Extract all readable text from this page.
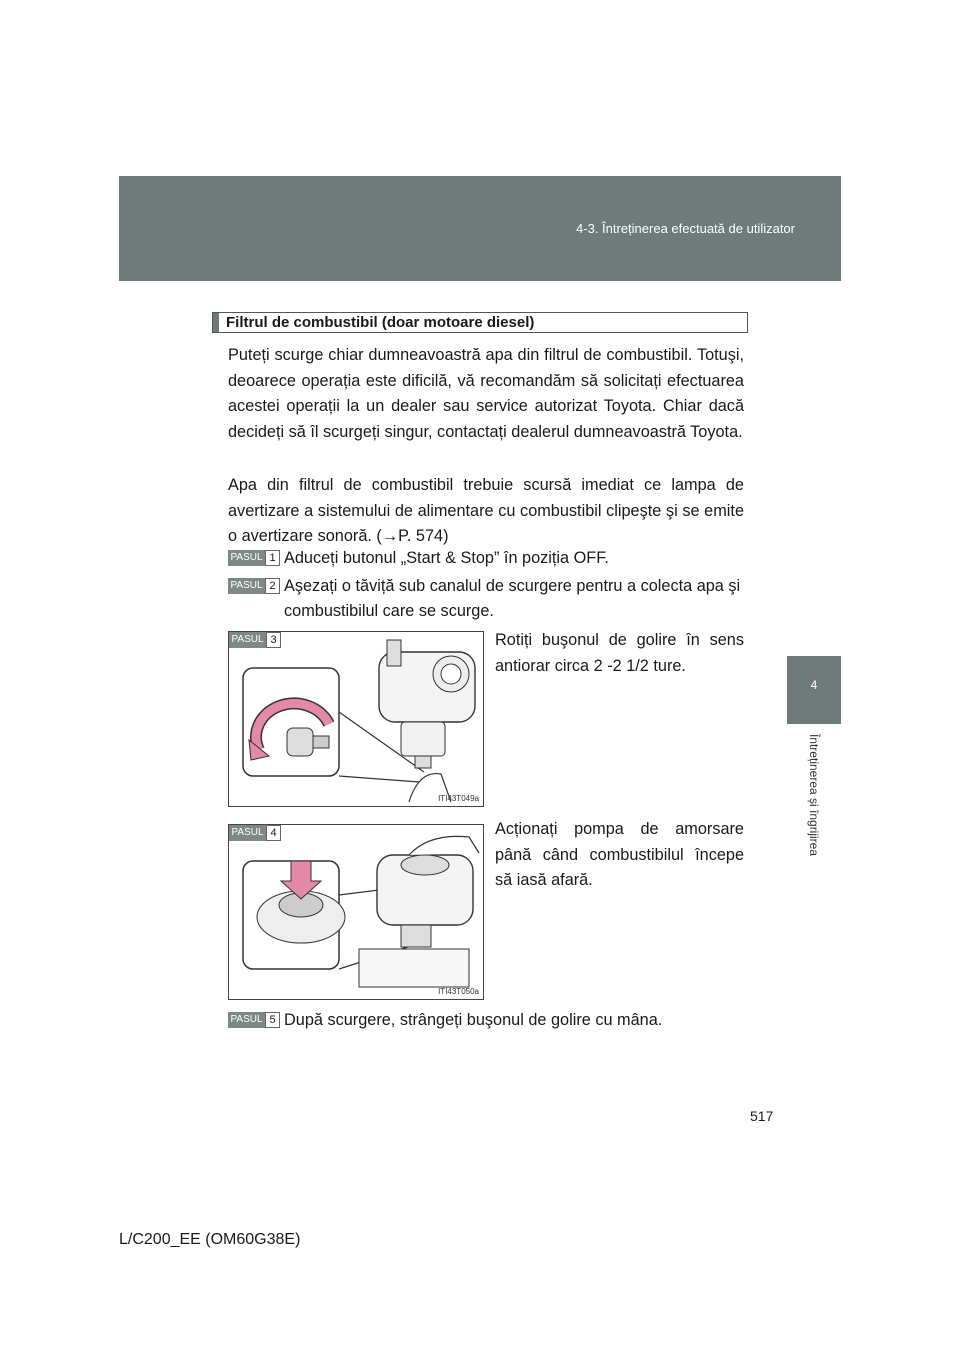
4-3. Întreținerea efectuată de utilizator
4
Întreținerea și îngrijirea
Filtrul de combustibil (doar motoare diesel)

Puteți scurge chiar dumneavoastră apa din filtrul de combustibil. Totuşi, deoarece operația este dificilă, vă recomandăm să solicitați efectuarea acestei operații la un dealer sau service autorizat Toyota. Chiar dacă decideți să îl scurgeți singur, contactați dealerul dumneavoastră Toyota.

Apa din filtrul de combustibil trebuie scursă imediat ce lampa de avertizare a sistemului de alimentare cu combustibil clipeşte şi se emite o avertizare sonoră. (→P. 574)

PASUL 1 Aduceți butonul „Start & Stop” în poziția OFF.
PASUL 2 Aşezați o tăviță sub canalul de scurgere pentru a colecta apa şi combustibilul care se scurge.
PASUL 3
ITI43T049a

Rotiți buşonul de golire în sens antiorar circa 2 -2 1/2 ture.

PASUL 4
ITI43T050a

Acționați pompa de amorsare până când combustibilul începe să iasă afară.

PASUL 5 După scurgere, strângeți buşonul de golire cu mâna.
517
L/C200_EE (OM60G38E)
